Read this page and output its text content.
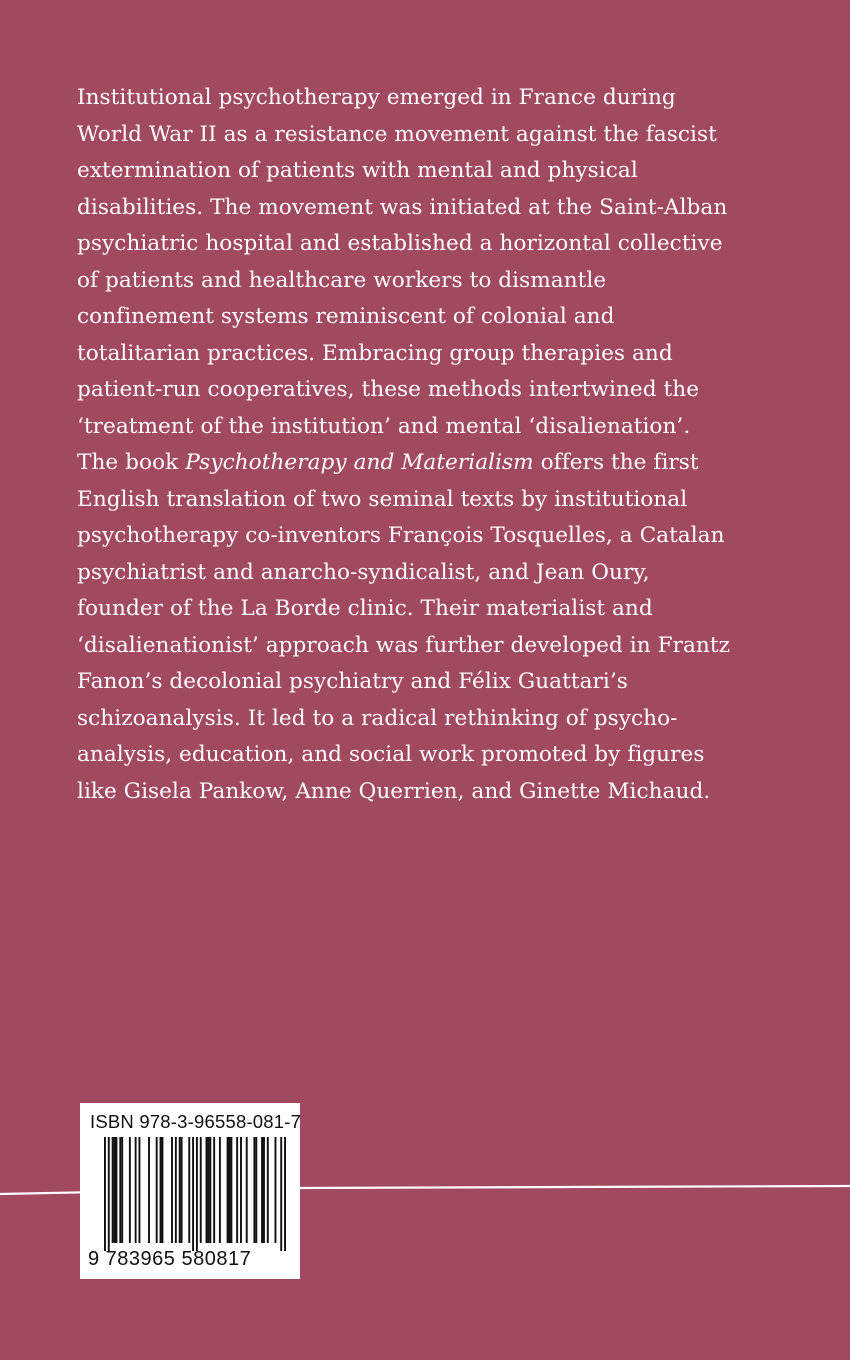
Institutional psychotherapy emerged in France during
World War II as a resistance movement against the fascist
extermination of patients with mental and physical
disabilities. The movement was initiated at the Saint-Alban
psychiatric hospital and established a horizontal collective
of patients and healthcare workers to dismantle
confinement systems reminiscent of colonial and
totalitarian practices. Embracing group therapies and
patient-run cooperatives, these methods intertwined the
‘treatment of the institution’ and mental ‘disalienation’.
The book Psychotherapy and Materialism offers the first
English translation of two seminal texts by institutional
psychotherapy co-inventors François Tosquelles, a Catalan
psychiatrist and anarcho-syndicalist, and Jean Oury,
founder of the La Borde clinic. Their materialist and
‘disalienationist’ approach was further developed in Frantz
Fanon’s decolonial psychiatry and Félix Guattari’s
schizoanalysis. It led to a radical rethinking of psycho-
analysis, education, and social work promoted by figures
like Gisela Pankow, Anne Querrien, and Ginette Michaud.

ISBN 978-3-96558-081-7
9 783965 580817
